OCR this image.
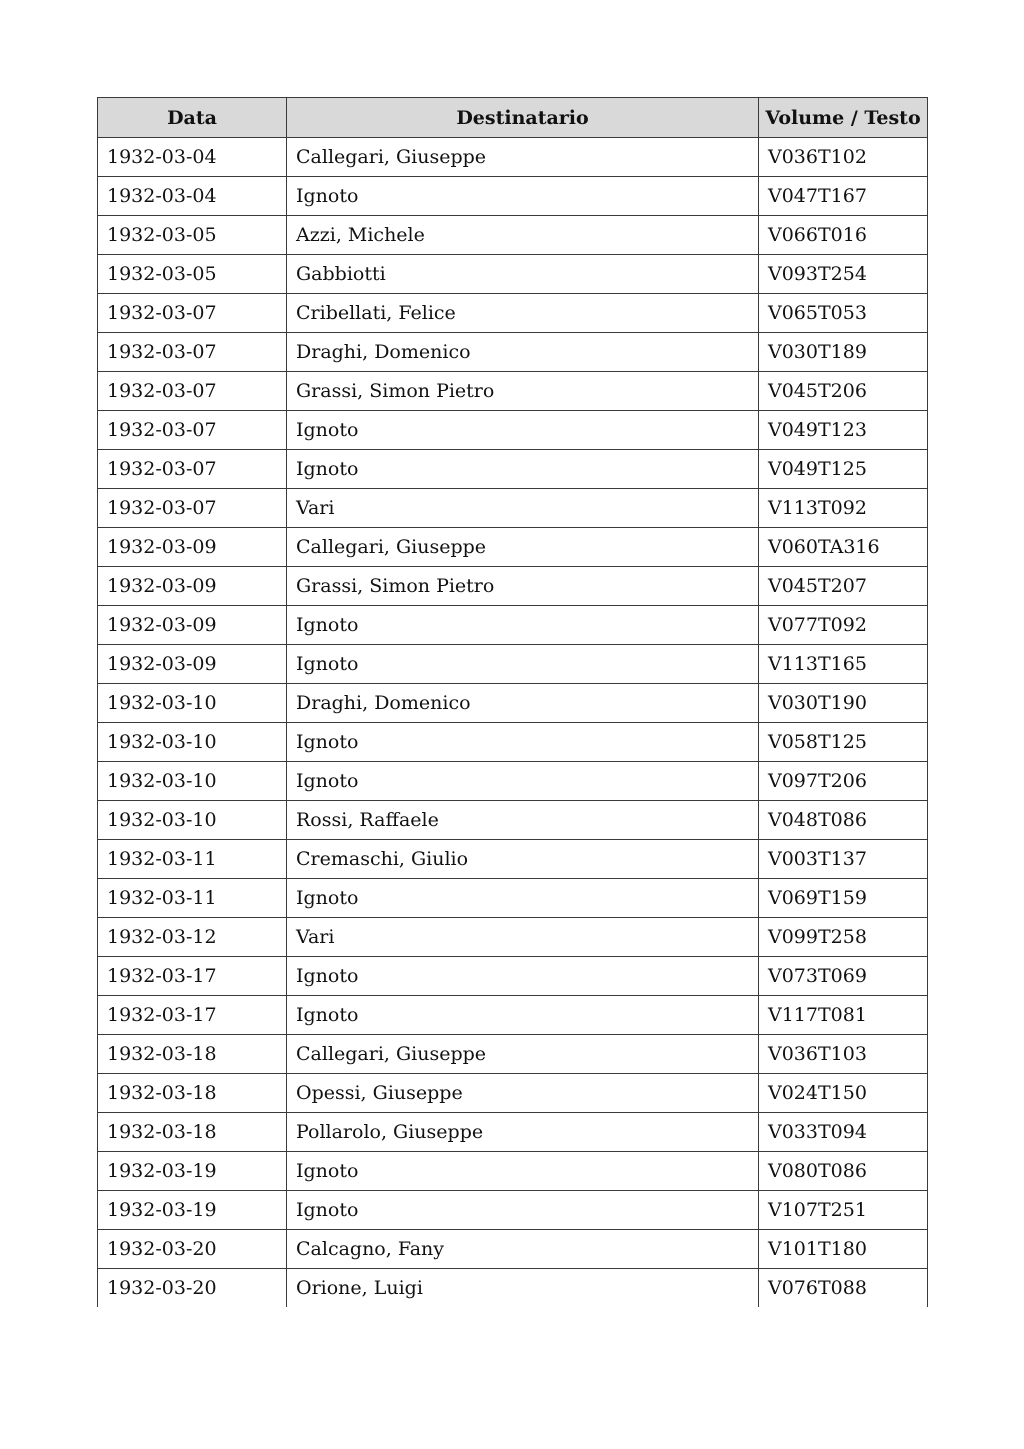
Data	Destinatario	Volume / Testo
1932-03-04	Callegari, Giuseppe	V036T102
1932-03-04	Ignoto	V047T167
1932-03-05	Azzi, Michele	V066T016
1932-03-05	Gabbiotti	V093T254
1932-03-07	Cribellati, Felice	V065T053
1932-03-07	Draghi, Domenico	V030T189
1932-03-07	Grassi, Simon Pietro	V045T206
1932-03-07	Ignoto	V049T123
1932-03-07	Ignoto	V049T125
1932-03-07	Vari	V113T092
1932-03-09	Callegari, Giuseppe	V060TA316
1932-03-09	Grassi, Simon Pietro	V045T207
1932-03-09	Ignoto	V077T092
1932-03-09	Ignoto	V113T165
1932-03-10	Draghi, Domenico	V030T190
1932-03-10	Ignoto	V058T125
1932-03-10	Ignoto	V097T206
1932-03-10	Rossi, Raffaele	V048T086
1932-03-11	Cremaschi, Giulio	V003T137
1932-03-11	Ignoto	V069T159
1932-03-12	Vari	V099T258
1932-03-17	Ignoto	V073T069
1932-03-17	Ignoto	V117T081
1932-03-18	Callegari, Giuseppe	V036T103
1932-03-18	Opessi, Giuseppe	V024T150
1932-03-18	Pollarolo, Giuseppe	V033T094
1932-03-19	Ignoto	V080T086
1932-03-19	Ignoto	V107T251
1932-03-20	Calcagno, Fany	V101T180
1932-03-20	Orione, Luigi	V076T088
